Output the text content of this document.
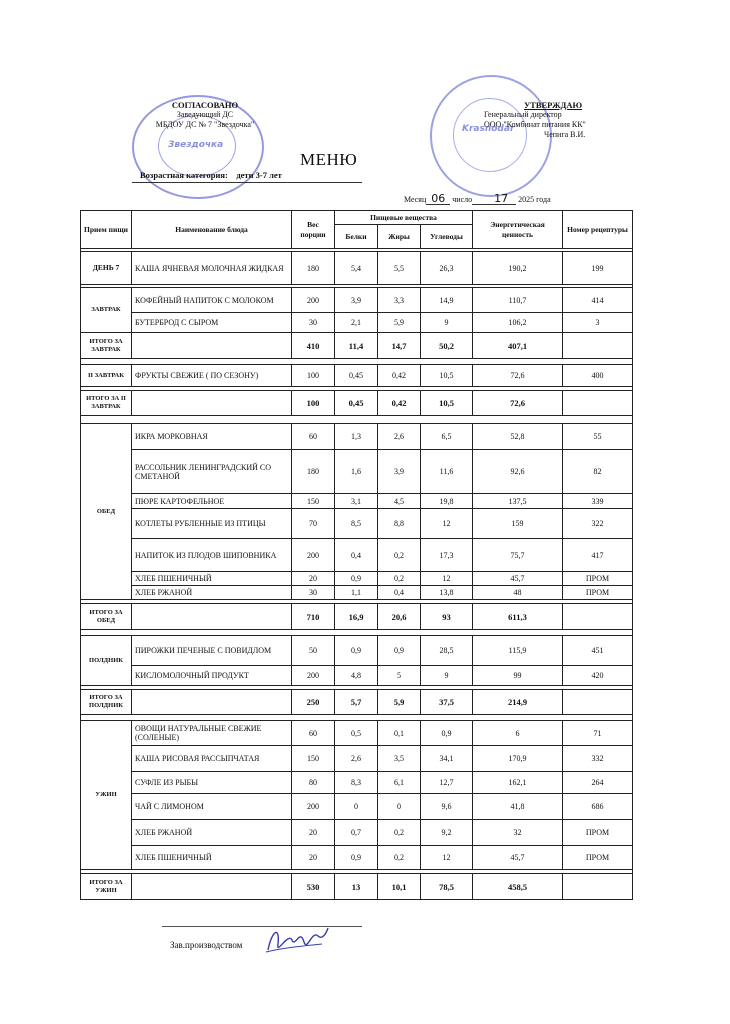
Звездочка
Krasnodar
СОГЛАСОВАНО
Заведующий ДС
МБДОУ ДС № 7 "Звездочка"
УТВЕРЖДАЮ
Генеральный директор
ООО "Комбинат питания КК"
Чепига В.И.
МЕНЮ
Возрастная категория: дети 3-7 лет
Месяц 06 число 17 2025 года
Прием пищи	Наименование блюда	Вес порции	Пищевые вещества			Энергетическая ценность	Номер рецептуры
			Белки	Жиры	Углеводы		

ДЕНЬ 7	КАША ЯЧНЕВАЯ МОЛОЧНАЯ ЖИДКАЯ	180	5,4	5,5	26,3	190,2	199

ЗАВТРАК	КОФЕЙНЫЙ НАПИТОК С МОЛОКОМ	200	3,9	3,3	14,9	110,7	414
	БУТЕРБРОД С СЫРОМ	30	2,1	5,9	9	106,2	3
ИТОГО ЗА ЗАВТРАК		410	11,4	14,7	50,2	407,1	

II ЗАВТРАК	ФРУКТЫ СВЕЖИЕ ( ПО СЕЗОНУ)	100	0,45	0,42	10,5	72,6	400

ИТОГО ЗА II ЗАВТРАК		100	0,45	0,42	10,5	72,6	

ОБЕД	ИКРА МОРКОВНАЯ	60	1,3	2,6	6,5	52,8	55
	РАССОЛЬНИК ЛЕНИНГРАДСКИЙ СО СМЕТАНОЙ	180	1,6	3,9	11,6	92,6	82
	ПЮРЕ КАРТОФЕЛЬНОЕ	150	3,1	4,5	19,8	137,5	339
	КОТЛЕТЫ РУБЛЕННЫЕ ИЗ ПТИЦЫ	70	8,5	8,8	12	159	322
	НАПИТОК ИЗ ПЛОДОВ ШИПОВНИКА	200	0,4	0,2	17,3	75,7	417
	ХЛЕБ ПШЕНИЧНЫЙ	20	0,9	0,2	12	45,7	ПРОМ
	ХЛЕБ РЖАНОЙ	30	1,1	0,4	13,8	48	ПРОМ

ИТОГО ЗА ОБЕД		710	16,9	20,6	93	611,3	

ПОЛДНИК	ПИРОЖКИ ПЕЧЕНЫЕ С ПОВИДЛОМ	50	0,9	0,9	28,5	115,9	451
	КИСЛОМОЛОЧНЫЙ ПРОДУКТ	200	4,8	5	9	99	420

ИТОГО ЗА ПОЛДНИК		250	5,7	5,9	37,5	214,9	

УЖИН	ОВОЩИ НАТУРАЛЬНЫЕ СВЕЖИЕ (СОЛЕНЫЕ)	60	0,5	0,1	0,9	6	71
	КАША РИСОВАЯ РАССЫПЧАТАЯ	150	2,6	3,5	34,1	170,9	332
	СУФЛЕ ИЗ РЫБЫ	80	8,3	6,1	12,7	162,1	264
	ЧАЙ С ЛИМОНОМ	200	0	0	9,6	41,8	686
	ХЛЕБ РЖАНОЙ	20	0,7	0,2	9,2	32	ПРОМ
	ХЛЕБ ПШЕНИЧНЫЙ	20	0,9	0,2	12	45,7	ПРОМ

ИТОГО ЗА УЖИН		530	13	10,1	78,5	458,5	
Зав.производством
